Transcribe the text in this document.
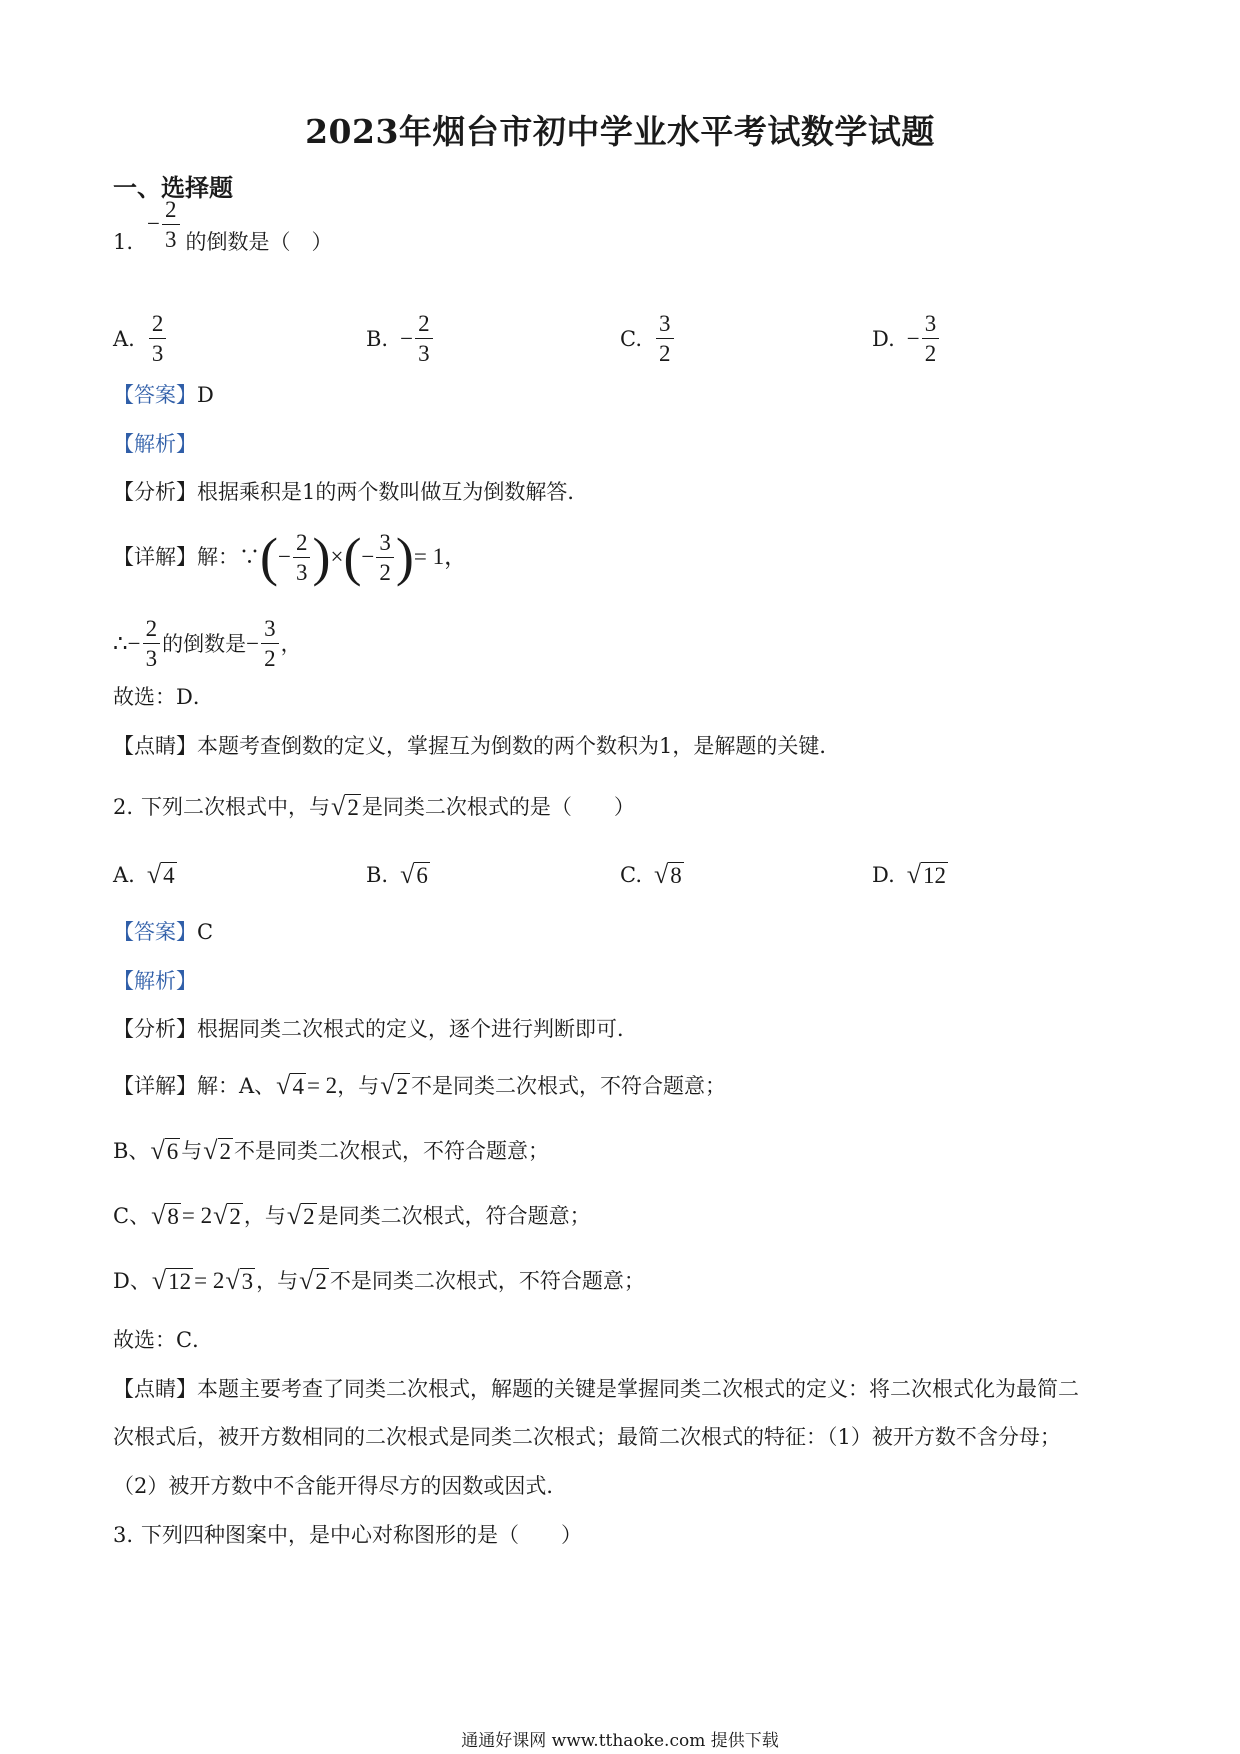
2023年烟台市初中学业水平考试数学试题
一、选择题
1.
− $\frac{2}{3}$ 的倒数是（　）
A. $\frac{2}{3}$	B. − $\frac{2}{3}$	C. $\frac{3}{2}$	D. − $\frac{3}{2}$
【答案】D
【解析】
【分析】根据乘积是1的两个数叫做互为倒数解答．
【详解】 解：∵ ( − $\frac{2}{3}$ ) × ( − $\frac{3}{2}$ ) = 1，
∴ − $\frac{2}{3}$ 的倒数是 − $\frac{3}{2}$ ，
故选：D．
【点睛】本题考查倒数的定义，掌握互为倒数的两个数积为1，是解题的关键．
2. 下列二次根式中，与 √ 2 是同类二次根式的是（　　）
A. √ 4	B. √ 6	C. √ 8	D. √ 12
【答案】C
【解析】
【分析】根据同类二次根式的定义，逐个进行判断即可．
【详解】 解：A、 √ 4 = 2 ，与 √ 2 不是同类二次根式，不符合题意；
B、 √ 6 与 √ 2 不是同类二次根式，不符合题意；
C、 √ 8 = 2 √ 2 ，与 √ 2 是同类二次根式，符合题意；
D、 √ 12 = 2 √ 3 ，与 √ 2 不是同类二次根式，不符合题意；
故选：C．
【点睛】本题主要考查了同类二次根式，解题的关键是掌握同类二次根式的定义：将二次根式化为最简二
次根式后，被开方数相同的二次根式是同类二次根式；最简二次根式的特征：（1）被开方数不含分母；
（2）被开方数中不含能开得尽方的因数或因式．
3. 下列四种图案中，是中心对称图形的是（　　）
通通好课网 www.tthaoke.com 提供下载
